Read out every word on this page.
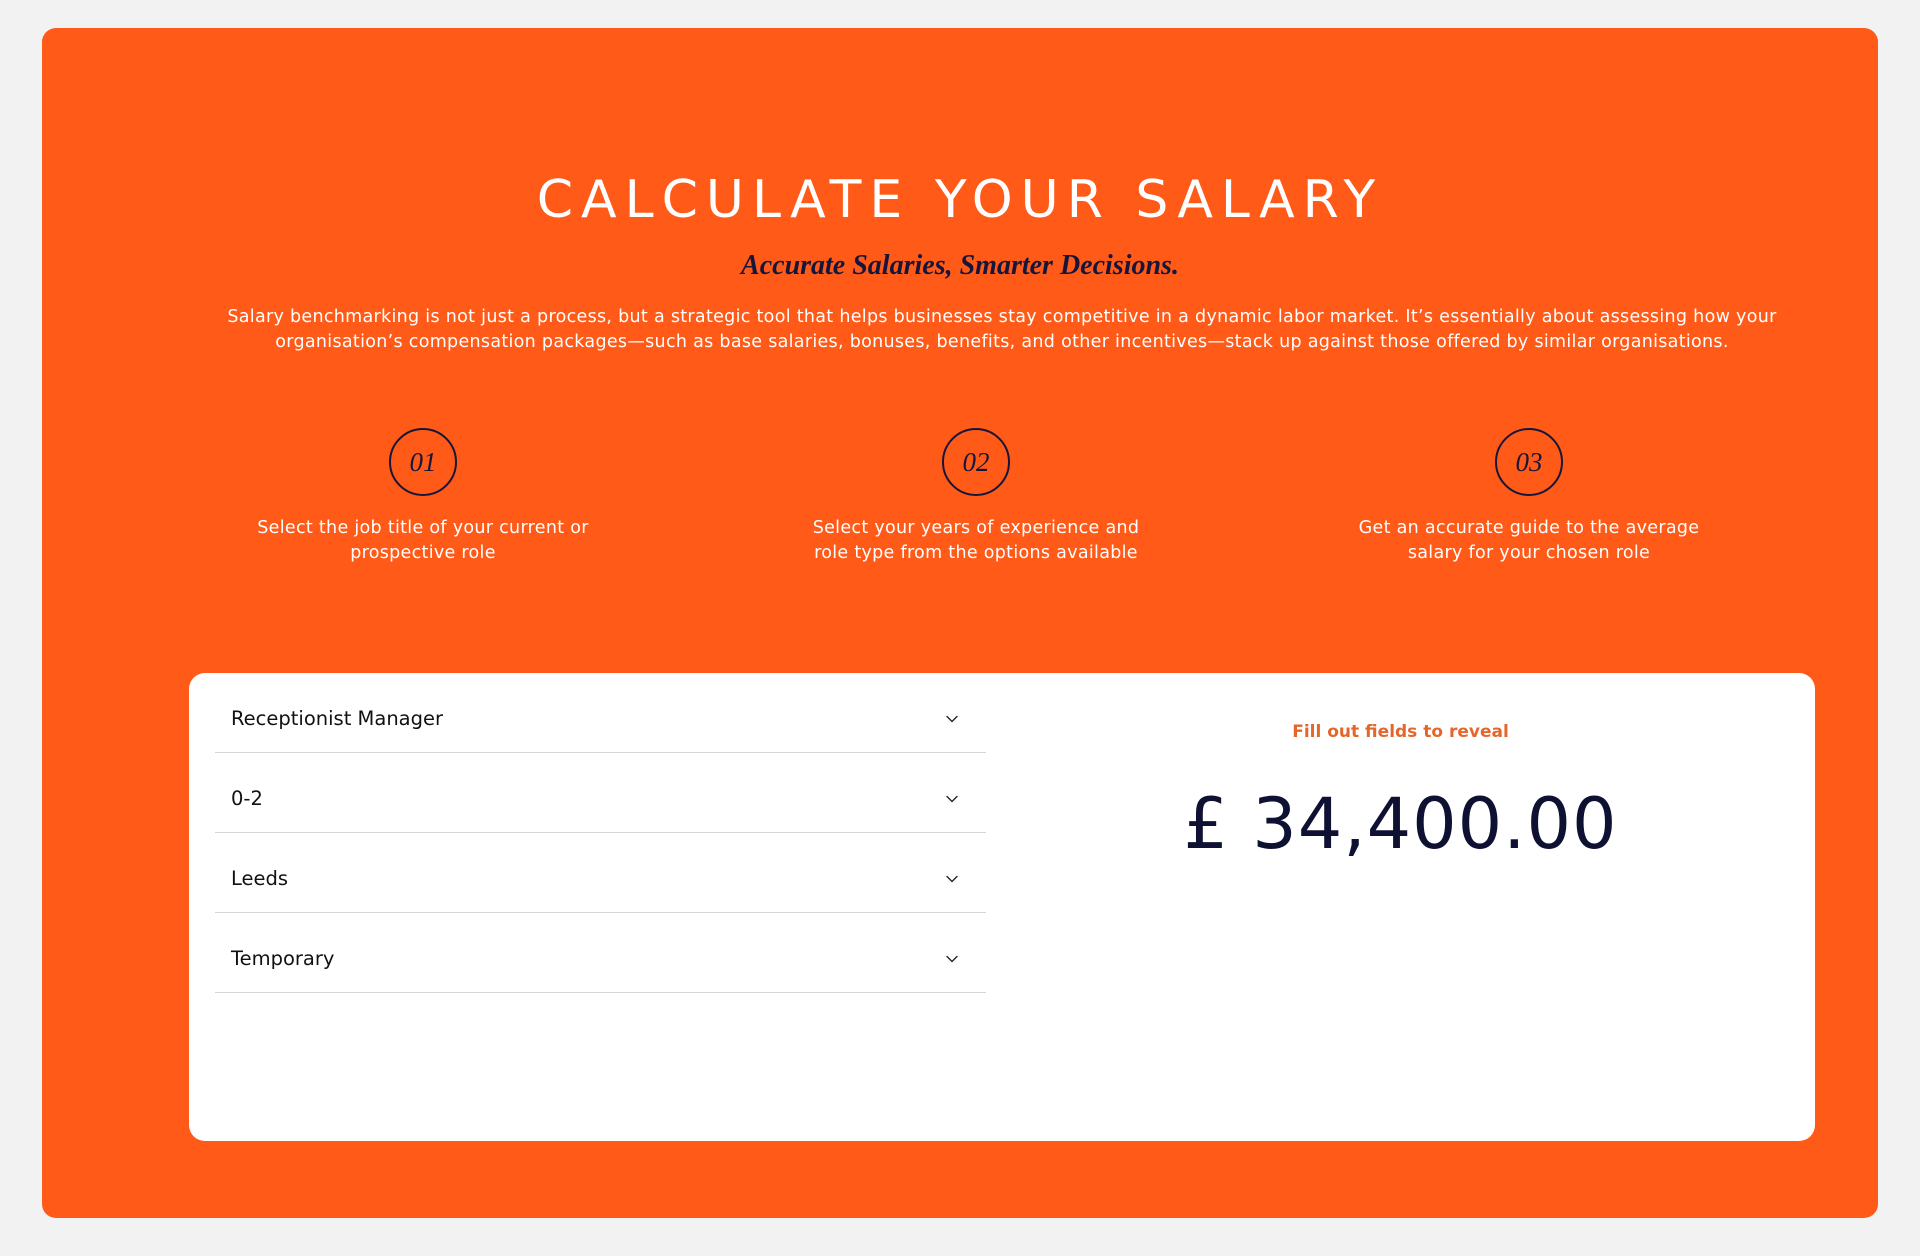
CALCULATE YOUR SALARY
Accurate Salaries, Smarter Decisions.

Salary benchmarking is not just a process, but a strategic tool that helps businesses stay competitive in a dynamic labor market. It’s essentially about assessing how your organisation’s compensation packages—such as base salaries, bonuses, benefits, and other incentives—stack up against those offered by similar organisations.

01
Select the job title of your current or prospective role
02
Select your years of experience and role type from the options available
03
Get an accurate guide to the average salary for your chosen role
Receptionist Manager
0-2
Leeds
Temporary

Fill out fields to reveal

£ 34,400.00
